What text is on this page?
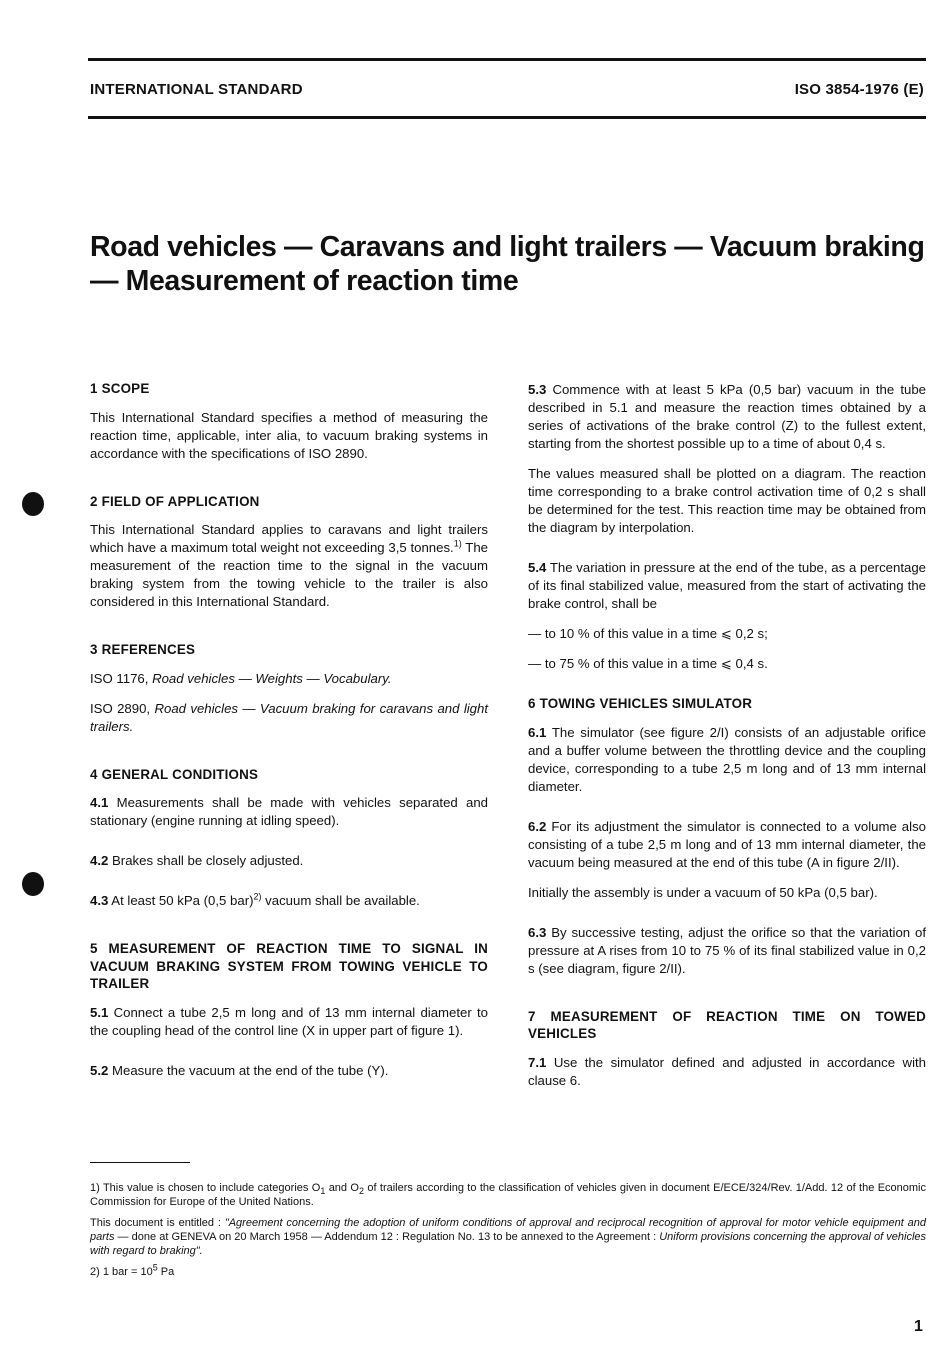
INTERNATIONAL STANDARD	ISO 3854-1976 (E)
Road vehicles — Caravans and light trailers — Vacuum braking
— Measurement of reaction time
1 SCOPE

This International Standard specifies a method of measuring the reaction time, applicable, inter alia, to vacuum braking systems in accordance with the specifications of ISO 2890.

2 FIELD OF APPLICATION

This International Standard applies to caravans and light trailers which have a maximum total weight not exceeding 3,5 tonnes.$^{1)}$ The measurement of the reaction time to the signal in the vacuum braking system from the towing vehicle to the trailer is also considered in this International Standard.

3 REFERENCES

ISO 1176, Road vehicles — Weights — Vocabulary.

ISO 2890, Road vehicles — Vacuum braking for caravans and light trailers.

4 GENERAL CONDITIONS

4.1 Measurements shall be made with vehicles separated and stationary (engine running at idling speed).

4.2 Brakes shall be closely adjusted.

4.3 At least 50 kPa (0,5 bar)$^{2)}$ vacuum shall be available.

5 MEASUREMENT OF REACTION TIME TO SIGNAL IN VACUUM BRAKING SYSTEM FROM TOWING VEHICLE TO TRAILER

5.1 Connect a tube 2,5 m long and of 13 mm internal diameter to the coupling head of the control line (X in upper part of figure 1).

5.2 Measure the vacuum at the end of the tube (Y).

5.3 Commence with at least 5 kPa (0,5 bar) vacuum in the tube described in 5.1 and measure the reaction times obtained by a series of activations of the brake control (Z) to the fullest extent, starting from the shortest possible up to a time of about 0,4 s.

The values measured shall be plotted on a diagram. The reaction time corresponding to a brake control activation time of 0,2 s shall be determined for the test. This reaction time may be obtained from the diagram by interpolation.

5.4 The variation in pressure at the end of the tube, as a percentage of its final stabilized value, measured from the start of activating the brake control, shall be

— to 10 % of this value in a time ⩽ 0,2 s;

— to 75 % of this value in a time ⩽ 0,4 s.

6 TOWING VEHICLES SIMULATOR

6.1 The simulator (see figure 2/I) consists of an adjustable orifice and a buffer volume between the throttling device and the coupling device, corresponding to a tube 2,5 m long and of 13 mm internal diameter.

6.2 For its adjustment the simulator is connected to a volume also consisting of a tube 2,5 m long and of 13 mm internal diameter, the vacuum being measured at the end of this tube (A in figure 2/II).

Initially the assembly is under a vacuum of 50 kPa (0,5 bar).

6.3 By successive testing, adjust the orifice so that the variation of pressure at A rises from 10 to 75 % of its final stabilized value in 0,2 s (see diagram, figure 2/II).

7 MEASUREMENT OF REACTION TIME ON TOWED VEHICLES

7.1 Use the simulator defined and adjusted in accordance with clause 6.

1) This value is chosen to include categories $O_1$ and $O_2$ of trailers according to the classification of vehicles given in document E/ECE/324/Rev. 1/Add. 12 of the Economic Commission for Europe of the United Nations.

This document is entitled : "Agreement concerning the adoption of uniform conditions of approval and reciprocal recognition of approval for motor vehicle equipment and parts — done at GENEVA on 20 March 1958 — Addendum 12 : Regulation No. 13 to be annexed to the Agreement : Uniform provisions concerning the approval of vehicles with regard to braking".

2) 1 bar = $10^5$ Pa

1
